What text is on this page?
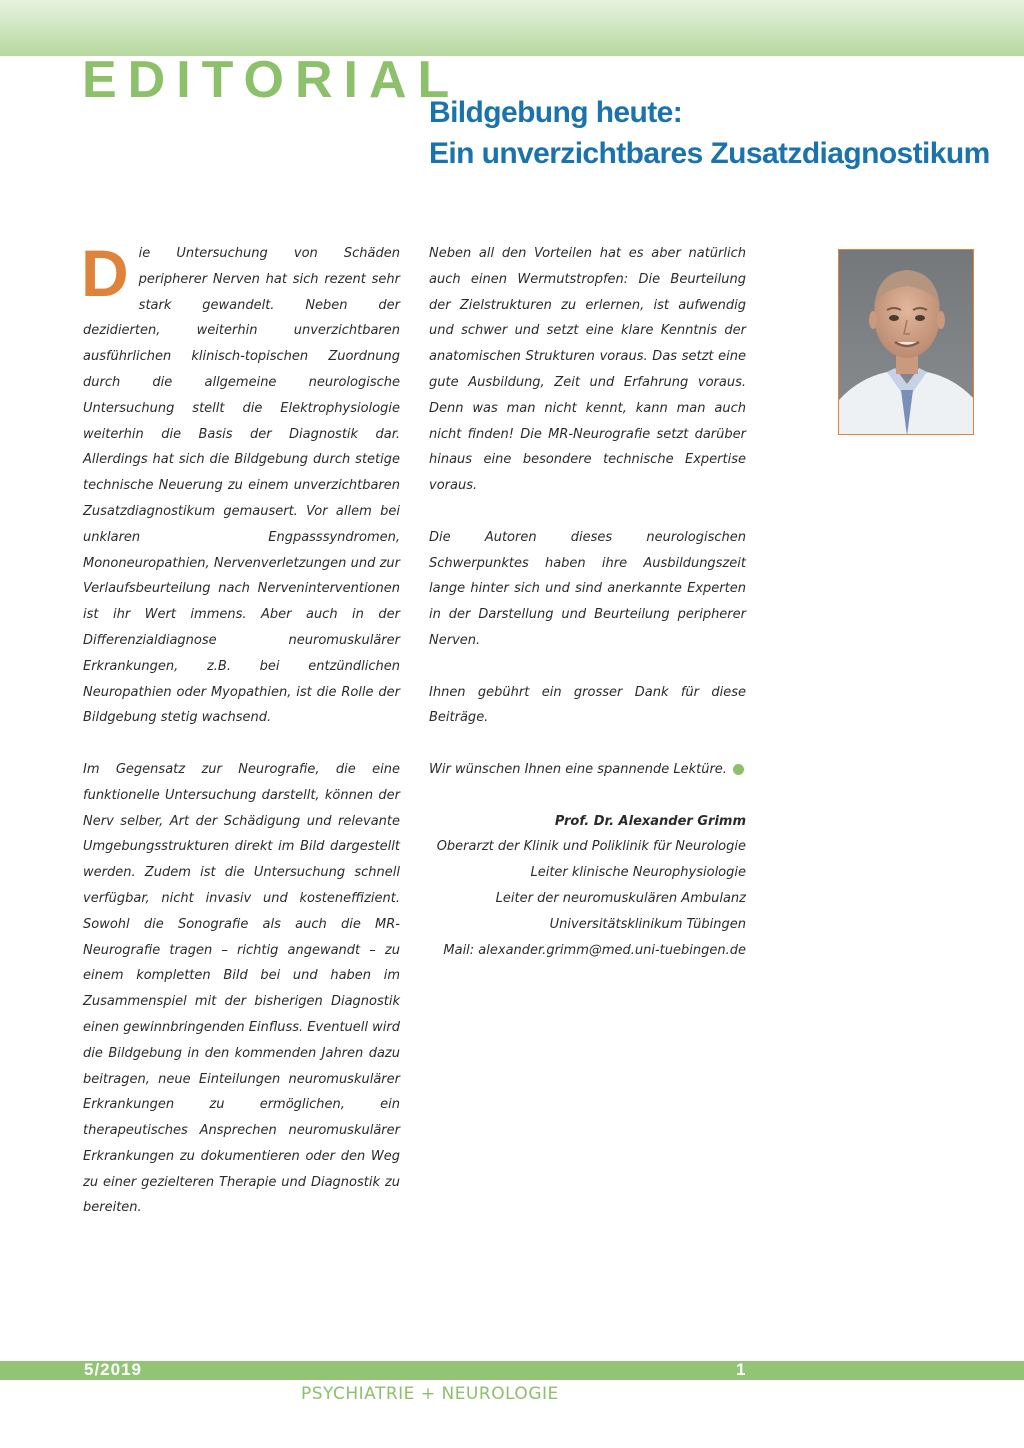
EDITORIAL
Bildgebung heute:
Ein unverzichtbares Zusatzdiagnostikum

Die Untersuchung von Schäden peripherer Nerven hat sich rezent sehr stark gewandelt. Neben der dezidierten, weiterhin unverzichtbaren ausführlichen klinisch-topischen Zuordnung durch die allgemeine neurologische Untersuchung stellt die Elektrophysiologie weiterhin die Basis der Diagnostik dar. Allerdings hat sich die Bildgebung durch stetige technische Neuerung zu einem unverzichtbaren Zusatzdiagnostikum gemausert. Vor allem bei unklaren Engpasssyndromen, Mononeuropathien, Nervenverletzungen und zur Verlaufsbeurteilung nach Nerveninterventionen ist ihr Wert immens. Aber auch in der Differenzialdiagnose neuromuskulärer Erkrankungen, z.B. bei entzündlichen Neuropathien oder Myopathien, ist die Rolle der Bildgebung stetig wachsend.

Im Gegensatz zur Neurografie, die eine funktionelle Untersuchung darstellt, können der Nerv selber, Art der Schädigung und relevante Umgebungsstrukturen direkt im Bild dargestellt werden. Zudem ist die Untersuchung schnell verfügbar, nicht invasiv und kosteneffizient. Sowohl die Sonografie als auch die MR-Neurografie tragen – richtig angewandt – zu einem kompletten Bild bei und haben im Zusammenspiel mit der bisherigen Diagnostik einen gewinnbringenden Einfluss. Eventuell wird die Bildgebung in den kommenden Jahren dazu beitragen, neue Einteilungen neuromuskulärer Erkrankungen zu ermöglichen, ein therapeutisches Ansprechen neuromuskulärer Erkrankungen zu dokumentieren oder den Weg zu einer gezielteren Therapie und Diagnostik zu bereiten.

Neben all den Vorteilen hat es aber natürlich auch einen Wermutstropfen: Die Beurteilung der Zielstrukturen zu erlernen, ist aufwendig und schwer und setzt eine klare Kenntnis der anatomischen Strukturen voraus. Das setzt eine gute Ausbildung, Zeit und Erfahrung voraus. Denn was man nicht kennt, kann man auch nicht finden! Die MR-Neurografie setzt darüber hinaus eine besondere technische Expertise voraus.

Die Autoren dieses neurologischen Schwerpunktes haben ihre Ausbildungszeit lange hinter sich und sind anerkannte Experten in der Darstellung und Beurteilung peripherer Nerven.

Ihnen gebührt ein grosser Dank für diese Beiträge.

Wir wünschen Ihnen eine spannende Lektüre.

Prof. Dr. Alexander Grimm

Oberarzt der Klinik und Poliklinik für Neurologie

Leiter klinische Neurophysiologie

Leiter der neuromuskulären Ambulanz

Universitätsklinikum Tübingen

Mail: alexander.grimm@med.uni-tuebingen.de

5/2019	1
PSYCHIATRIE + NEUROLOGIE
